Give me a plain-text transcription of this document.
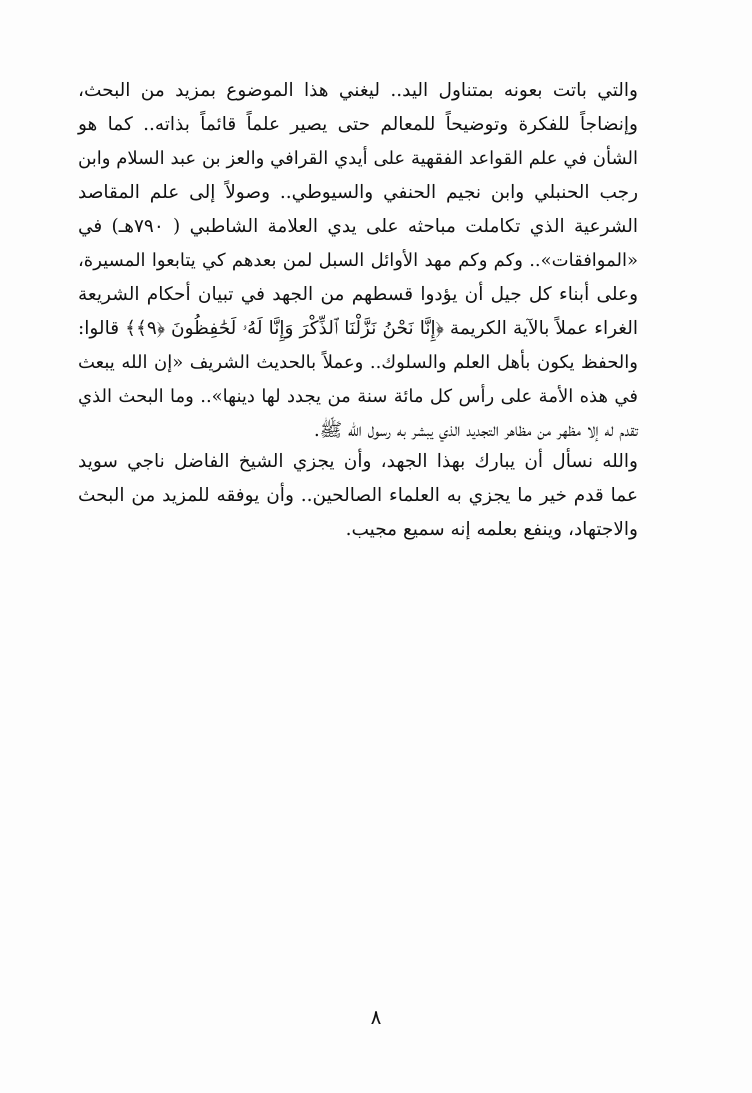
والتي باتت بعونه بمتناول اليد.. ليغني هذا الموضوع بمزيد من البحث،
وإنضاجاً للفكرة وتوضيحاً للمعالم حتى يصير علماً قائماً بذاته.. كما هو
الشأن في علم القواعد الفقهية على أيدي القرافي والعز بن عبد السلام وابن
رجب الحنبلي وابن نجيم الحنفي والسيوطي.. وصولاً إلى علم المقاصد
الشرعية الذي تكاملت مباحثه على يدي العلامة الشاطبي ( ٧٩٠هـ) في
«الموافقات».. وكم وكم مهد الأوائل السبل لمن بعدهم كي يتابعوا المسيرة،
وعلى أبناء كل جيل أن يؤدوا قسطهم من الجهد في تبيان أحكام الشريعة
الغراء عملاً بالآية الكريمة ﴿إِنَّا نَحْنُ نَزَّلْنَا ٱلذِّكْرَ وَإِنَّا لَهُۥ لَحَٰفِظُونَ ﴿٩﴾﴾ قالوا:
والحفظ يكون بأهل العلم والسلوك.. وعملاً بالحديث الشريف «إن الله يبعث
في هذه الأمة على رأس كل مائة سنة من يجدد لها دينها».. وما البحث الذي
تقدم له إلا مظهر من مظاهر التجديد الذي يبشر به رسول الله ﷺ.
والله نسأل أن يبارك بهذا الجهد، وأن يجزي الشيخ الفاضل ناجي سويد
عما قدم خير ما يجزي به العلماء الصالحين.. وأن يوفقه للمزيد من البحث
والاجتهاد، وينفع بعلمه إنه سميع مجيب.
٨
